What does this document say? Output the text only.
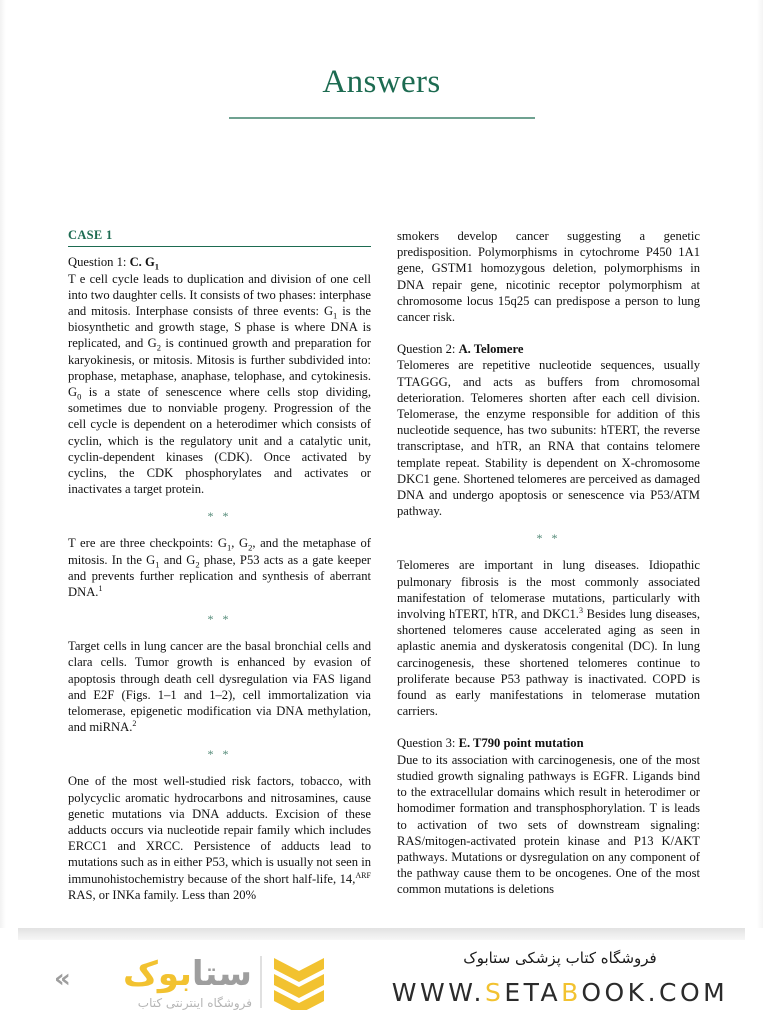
Answers
CASE 1

Question 1: C. $G_1$

T e cell cycle leads to duplication and division of one cell into two daughter cells. It consists of two phases: interphase and mitosis. Interphase consists of three events: $G_1$ is the biosynthetic and growth stage, S phase is where DNA is replicated, and $G_2$ is continued growth and preparation for karyokinesis, or mitosis. Mitosis is further subdivided into: prophase, metaphase, anaphase, telophase, and cytokinesis. $G_0$ is a state of senescence where cells stop dividing, sometimes due to nonviable progeny. Progression of the cell cycle is dependent on a heterodimer which consists of cyclin, which is the regulatory unit and a catalytic unit, cyclin-dependent kinases (CDK). Once activated by cyclins, the CDK phosphorylates and activates or inactivates a target protein.

* *

T ere are three checkpoints: $G_1$, $G_2$, and the metaphase of mitosis. In the $G_1$ and $G_2$ phase, P53 acts as a gate keeper and prevents further replication and synthesis of aberrant DNA.$^1$

* *

Target cells in lung cancer are the basal bronchial cells and clara cells. Tumor growth is enhanced by evasion of apoptosis through death cell dysregulation via FAS ligand and E2F (Figs. 1–1 and 1–2), cell immortalization via telomerase, epigenetic modification via DNA methylation, and miRNA.$^2$

* *

One of the most well-studied risk factors, tobacco, with polycyclic aromatic hydrocarbons and nitrosamines, cause genetic mutations via DNA adducts. Excision of these adducts occurs via nucleotide repair family which includes ERCC1 and XRCC. Persistence of adducts lead to mutations such as in either P53, which is usually not seen in immunohistochemistry because of the short half-life, 14,$^{ARF}$ RAS, or INKa family. Less than 20%

smokers develop cancer suggesting a genetic predisposition. Polymorphisms in cytochrome P450 1A1 gene, GSTM1 homozygous deletion, polymorphisms in DNA repair gene, nicotinic receptor polymorphism at chromosome locus 15q25 can predispose a person to lung cancer risk.

Question 2: A. Telomere

Telomeres are repetitive nucleotide sequences, usually TTAGGG, and acts as buffers from chromosomal deterioration. Telomeres shorten after each cell division. Telomerase, the enzyme responsible for addition of this nucleotide sequence, has two subunits: hTERT, the reverse transcriptase, and hTR, an RNA that contains telomere template repeat. Stability is dependent on X-chromosome DKC1 gene. Shortened telomeres are perceived as damaged DNA and undergo apoptosis or senescence via P53/ATM pathway.

* *

Telomeres are important in lung diseases. Idiopathic pulmonary fibrosis is the most commonly associated manifestation of telomerase mutations, particularly with involving hTERT, hTR, and DKC1.$^3$ Besides lung diseases, shortened telomeres cause accelerated aging as seen in aplastic anemia and dyskeratosis congenital (DC). In lung carcinogenesis, these shortened telomeres continue to proliferate because P53 pathway is inactivated. COPD is found as early manifestations in telomerase mutation carriers.

Question 3: E. T790 point mutation

Due to its association with carcinogenesis, one of the most studied growth signaling pathways is EGFR. Ligands bind to the extracellular domains which result in heterodimer or homodimer formation and transphosphorylation. T is leads to activation of two sets of downstream signaling: RAS/mitogen-activated protein kinase and P13 K/AKT pathways. Mutations or dysregulation on any component of the pathway cause them to be oncogenes. One of the most common mutations is deletions

«	ستابوک
فروشگاه اینترنتی کتاب

فروشگاه کتاب پزشکی ستابوک

WWW.SETABOOK.COM
